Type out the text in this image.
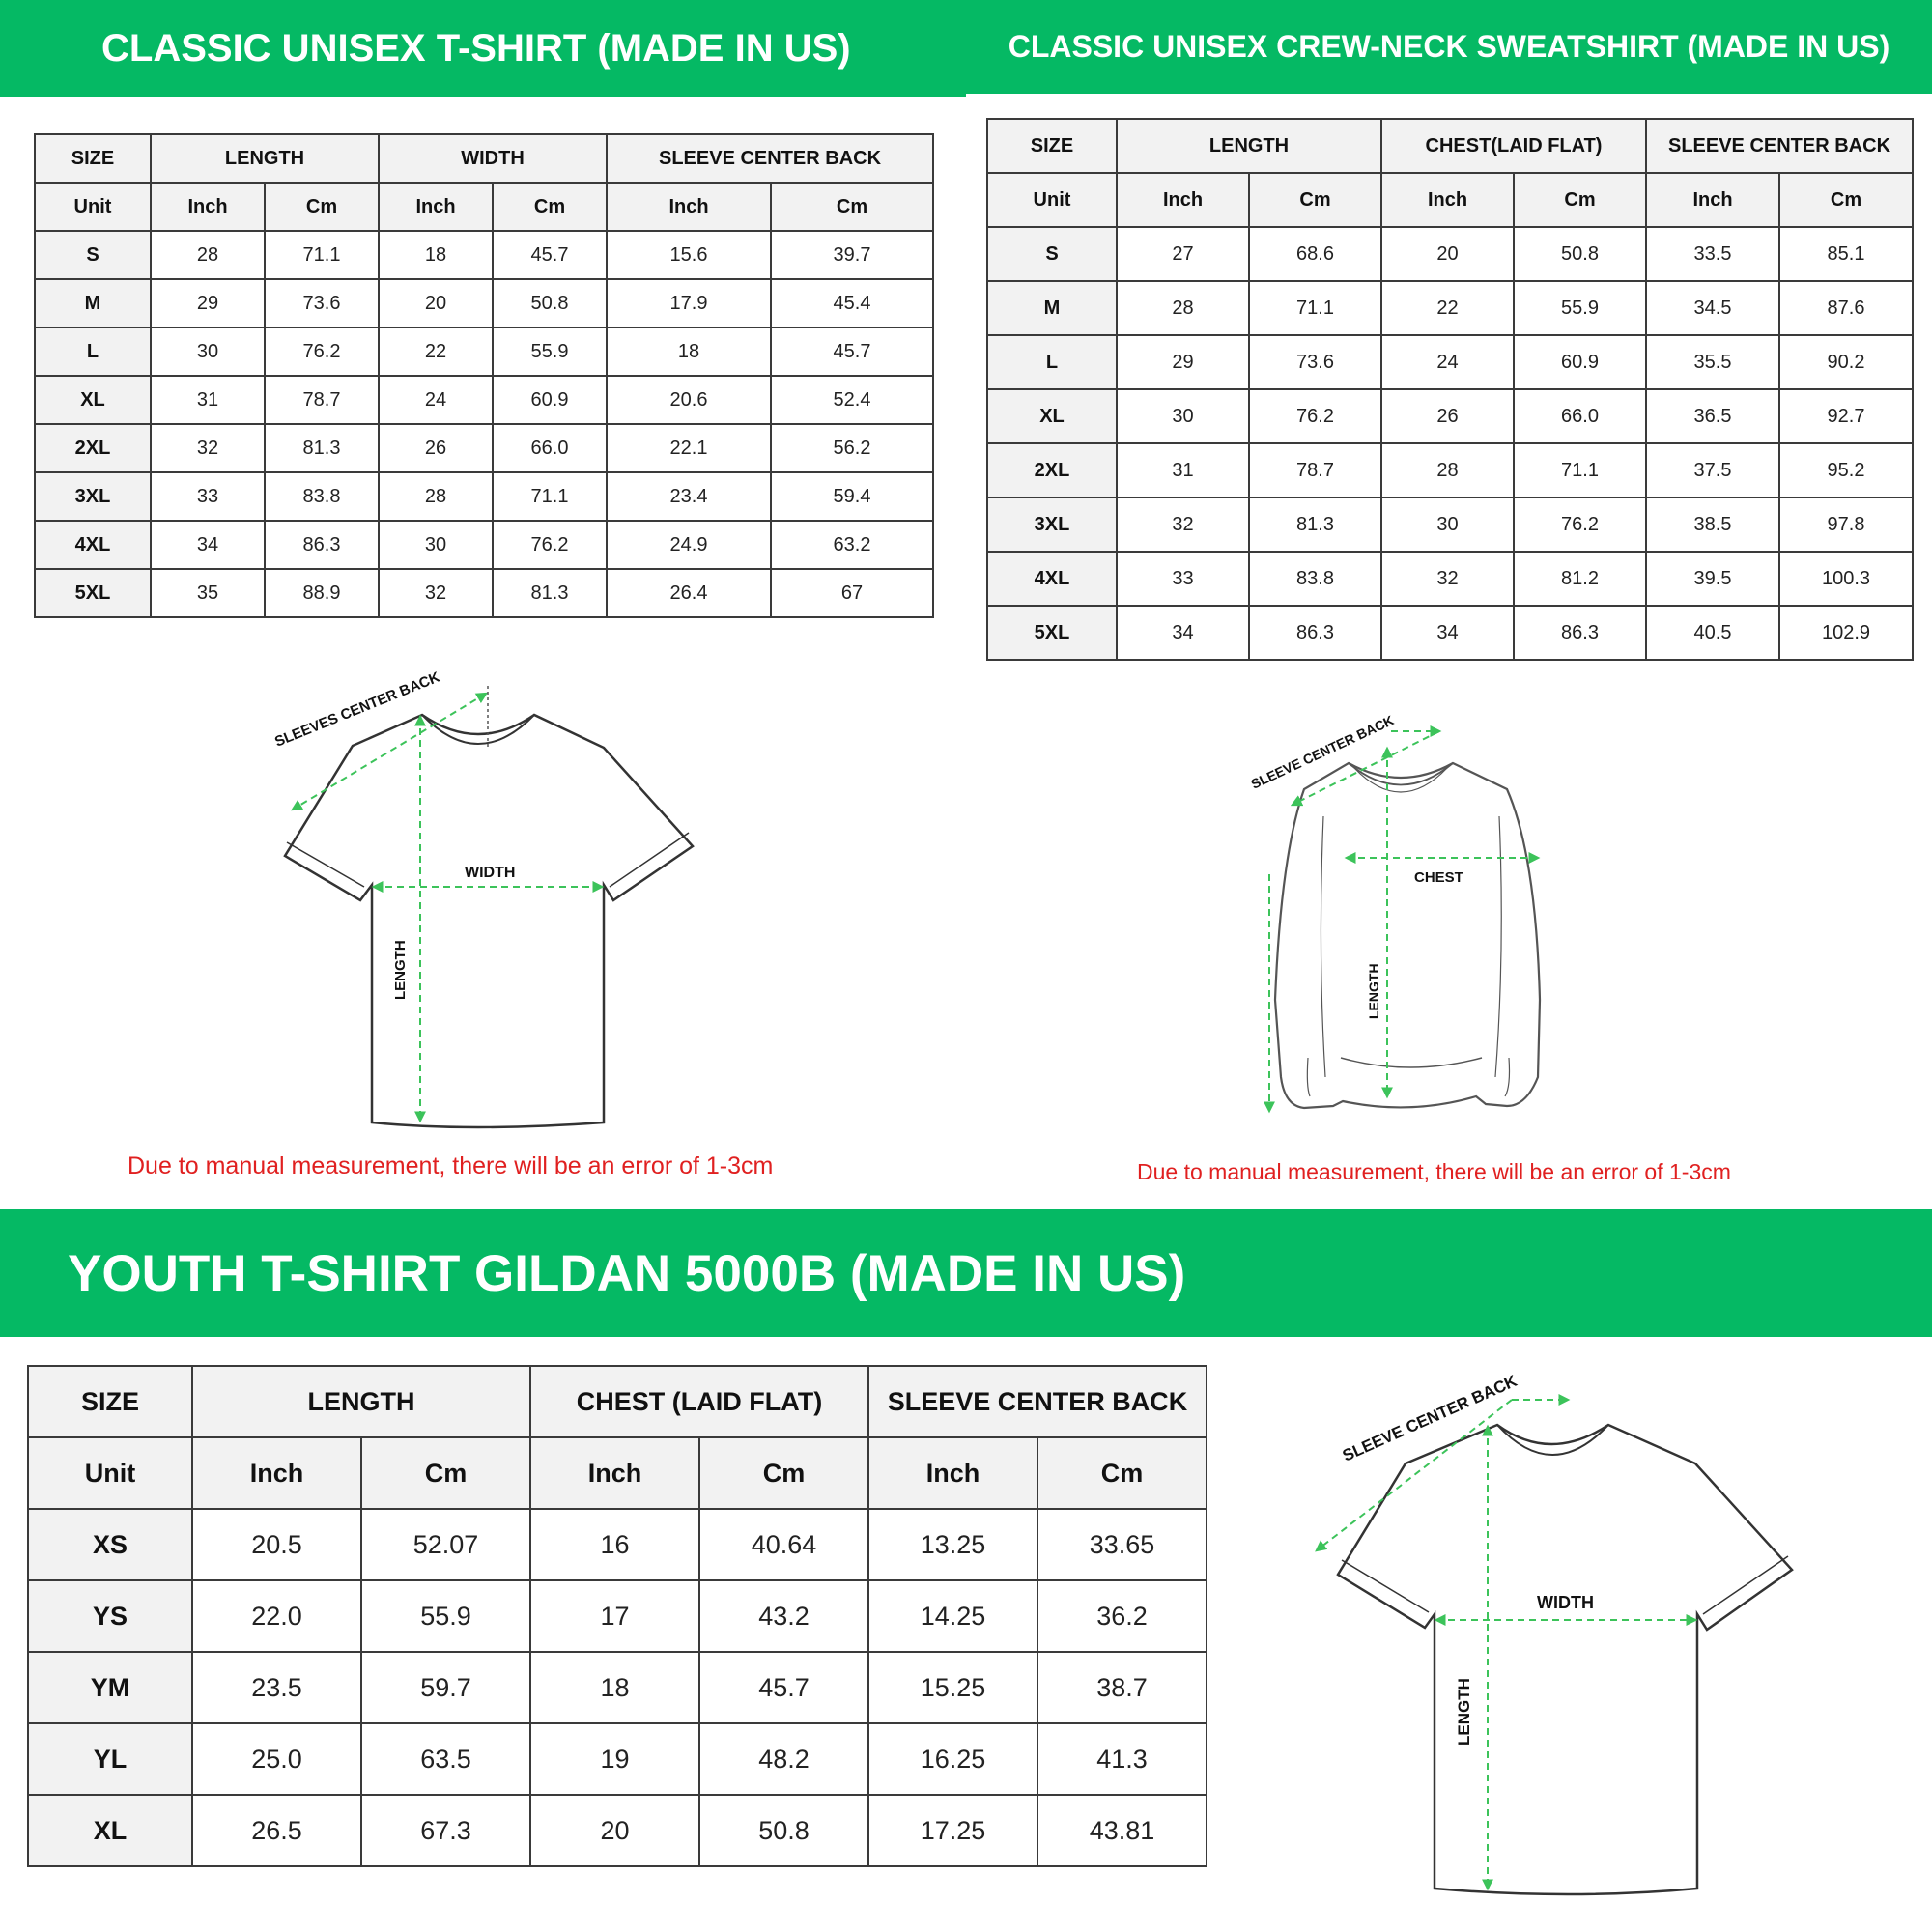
CLASSIC UNISEX T-SHIRT (MADE IN US)	CLASSIC UNISEX CREW-NECK SWEATSHIRT (MADE IN US)
YOUTH T-SHIRT GILDAN 5000B (MADE IN US)
SIZE	LENGTH		WIDTH		SLEEVE CENTER BACK	
Unit	Inch	Cm	Inch	Cm	Inch	Cm
S	28	71.1	18	45.7	15.6	39.7
M	29	73.6	20	50.8	17.9	45.4
L	30	76.2	22	55.9	18	45.7
XL	31	78.7	24	60.9	20.6	52.4
2XL	32	81.3	26	66.0	22.1	56.2
3XL	33	83.8	28	71.1	23.4	59.4
4XL	34	86.3	30	76.2	24.9	63.2
5XL	35	88.9	32	81.3	26.4	67
SIZE	LENGTH		CHEST(LAID FLAT)		SLEEVE CENTER BACK	
Unit	Inch	Cm	Inch	Cm	Inch	Cm
S	27	68.6	20	50.8	33.5	85.1
M	28	71.1	22	55.9	34.5	87.6
L	29	73.6	24	60.9	35.5	90.2
XL	30	76.2	26	66.0	36.5	92.7
2XL	31	78.7	28	71.1	37.5	95.2
3XL	32	81.3	30	76.2	38.5	97.8
4XL	33	83.8	32	81.2	39.5	100.3
5XL	34	86.3	34	86.3	40.5	102.9
SIZE	LENGTH		CHEST (LAID FLAT)		SLEEVE CENTER BACK	
Unit	Inch	Cm	Inch	Cm	Inch	Cm
XS	20.5	52.07	16	40.64	13.25	33.65
YS	22.0	55.9	17	43.2	14.25	36.2
YM	23.5	59.7	18	45.7	15.25	38.7
YL	25.0	63.5	19	48.2	16.25	41.3
XL	26.5	67.3	20	50.8	17.25	43.81
Due to manual measurement, there will be an error of 1-3cm	Due to manual measurement, there will be an error of 1-3cm
SLEEVES CENTER BACK
WIDTH
LENGTH
SLEEVE CENTER BACK
CHEST
LENGTH
SLEEVE CENTER BACK
WIDTH
LENGTH
